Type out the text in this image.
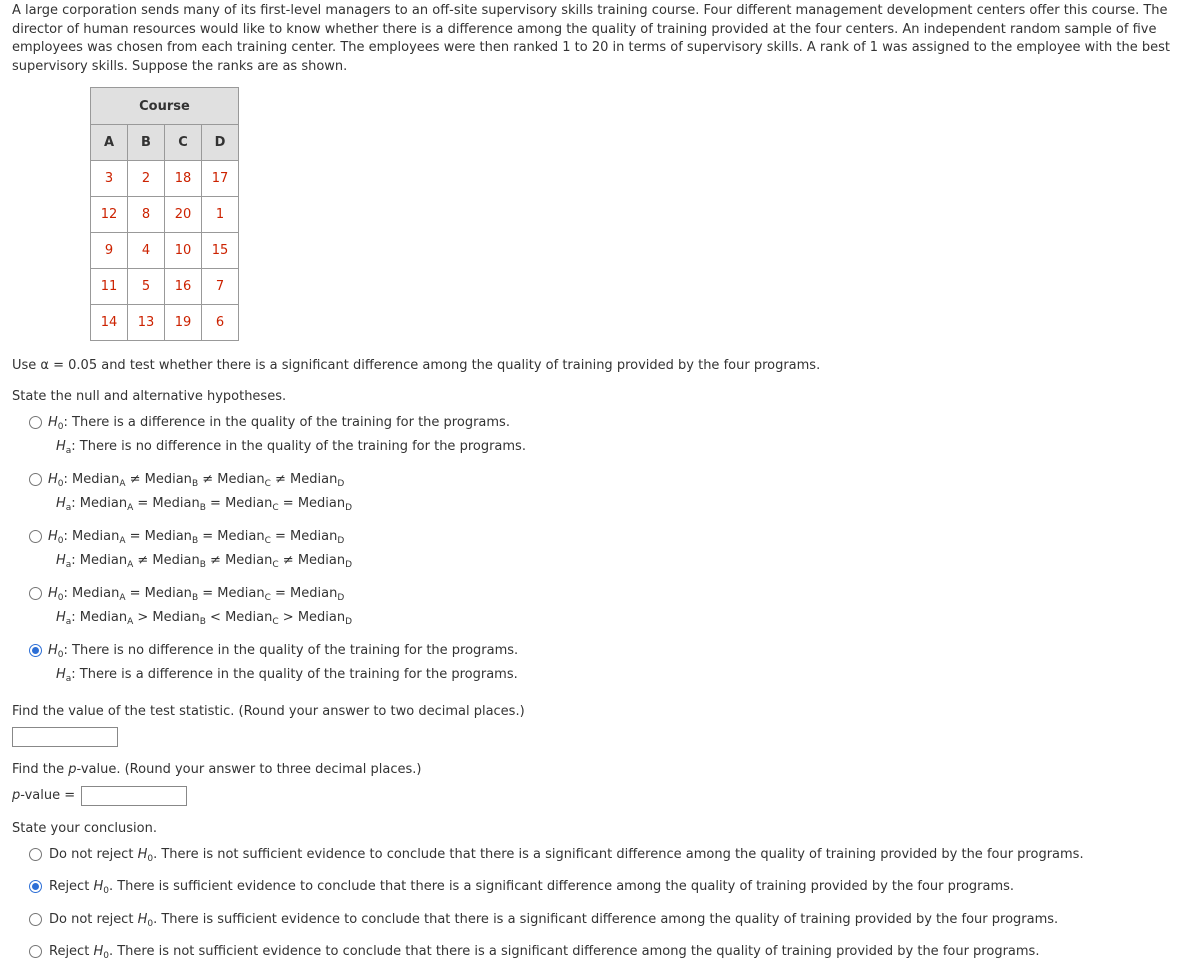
A large corporation sends many of its first-level managers to an off-site supervisory skills training course. Four different management development centers offer this course. The director of human resources would like to know whether there is a difference among the quality of training provided at the four centers. An independent random sample of five employees was chosen from each training center. The employees were then ranked 1 to 20 in terms of supervisory skills. A rank of 1 was assigned to the employee with the best supervisory skills. Suppose the ranks are as shown.

Course			
A	B	C	D
3	2	18	17
12	8	20	1
9	4	10	15
11	5	16	7
14	13	19	6

Use α = 0.05 and test whether there is a significant difference among the quality of training provided by the four programs.

State the null and alternative hypotheses.

$H_0$: There is a difference in the quality of the training for the programs.
$H_a$: There is no difference in the quality of the training for the programs.
$H_0$: Median$_A$ ≠ Median$_B$ ≠ Median$_C$ ≠ Median$_D$
$H_a$: Median$_A$ = Median$_B$ = Median$_C$ = Median$_D$
$H_0$: Median$_A$ = Median$_B$ = Median$_C$ = Median$_D$
$H_a$: Median$_A$ ≠ Median$_B$ ≠ Median$_C$ ≠ Median$_D$
$H_0$: Median$_A$ = Median$_B$ = Median$_C$ = Median$_D$
$H_a$: Median$_A$ > Median$_B$ < Median$_C$ > Median$_D$
$H_0$: There is no difference in the quality of the training for the programs.
$H_a$: There is a difference in the quality of the training for the programs.

Find the value of the test statistic. (Round your answer to two decimal places.)

Find the p-value. (Round your answer to three decimal places.)

p-value =

State your conclusion.

Do not reject $H_0$. There is not sufficient evidence to conclude that there is a significant difference among the quality of training provided by the four programs.
Reject $H_0$. There is sufficient evidence to conclude that there is a significant difference among the quality of training provided by the four programs.
Do not reject $H_0$. There is sufficient evidence to conclude that there is a significant difference among the quality of training provided by the four programs.
Reject $H_0$. There is not sufficient evidence to conclude that there is a significant difference among the quality of training provided by the four programs.
